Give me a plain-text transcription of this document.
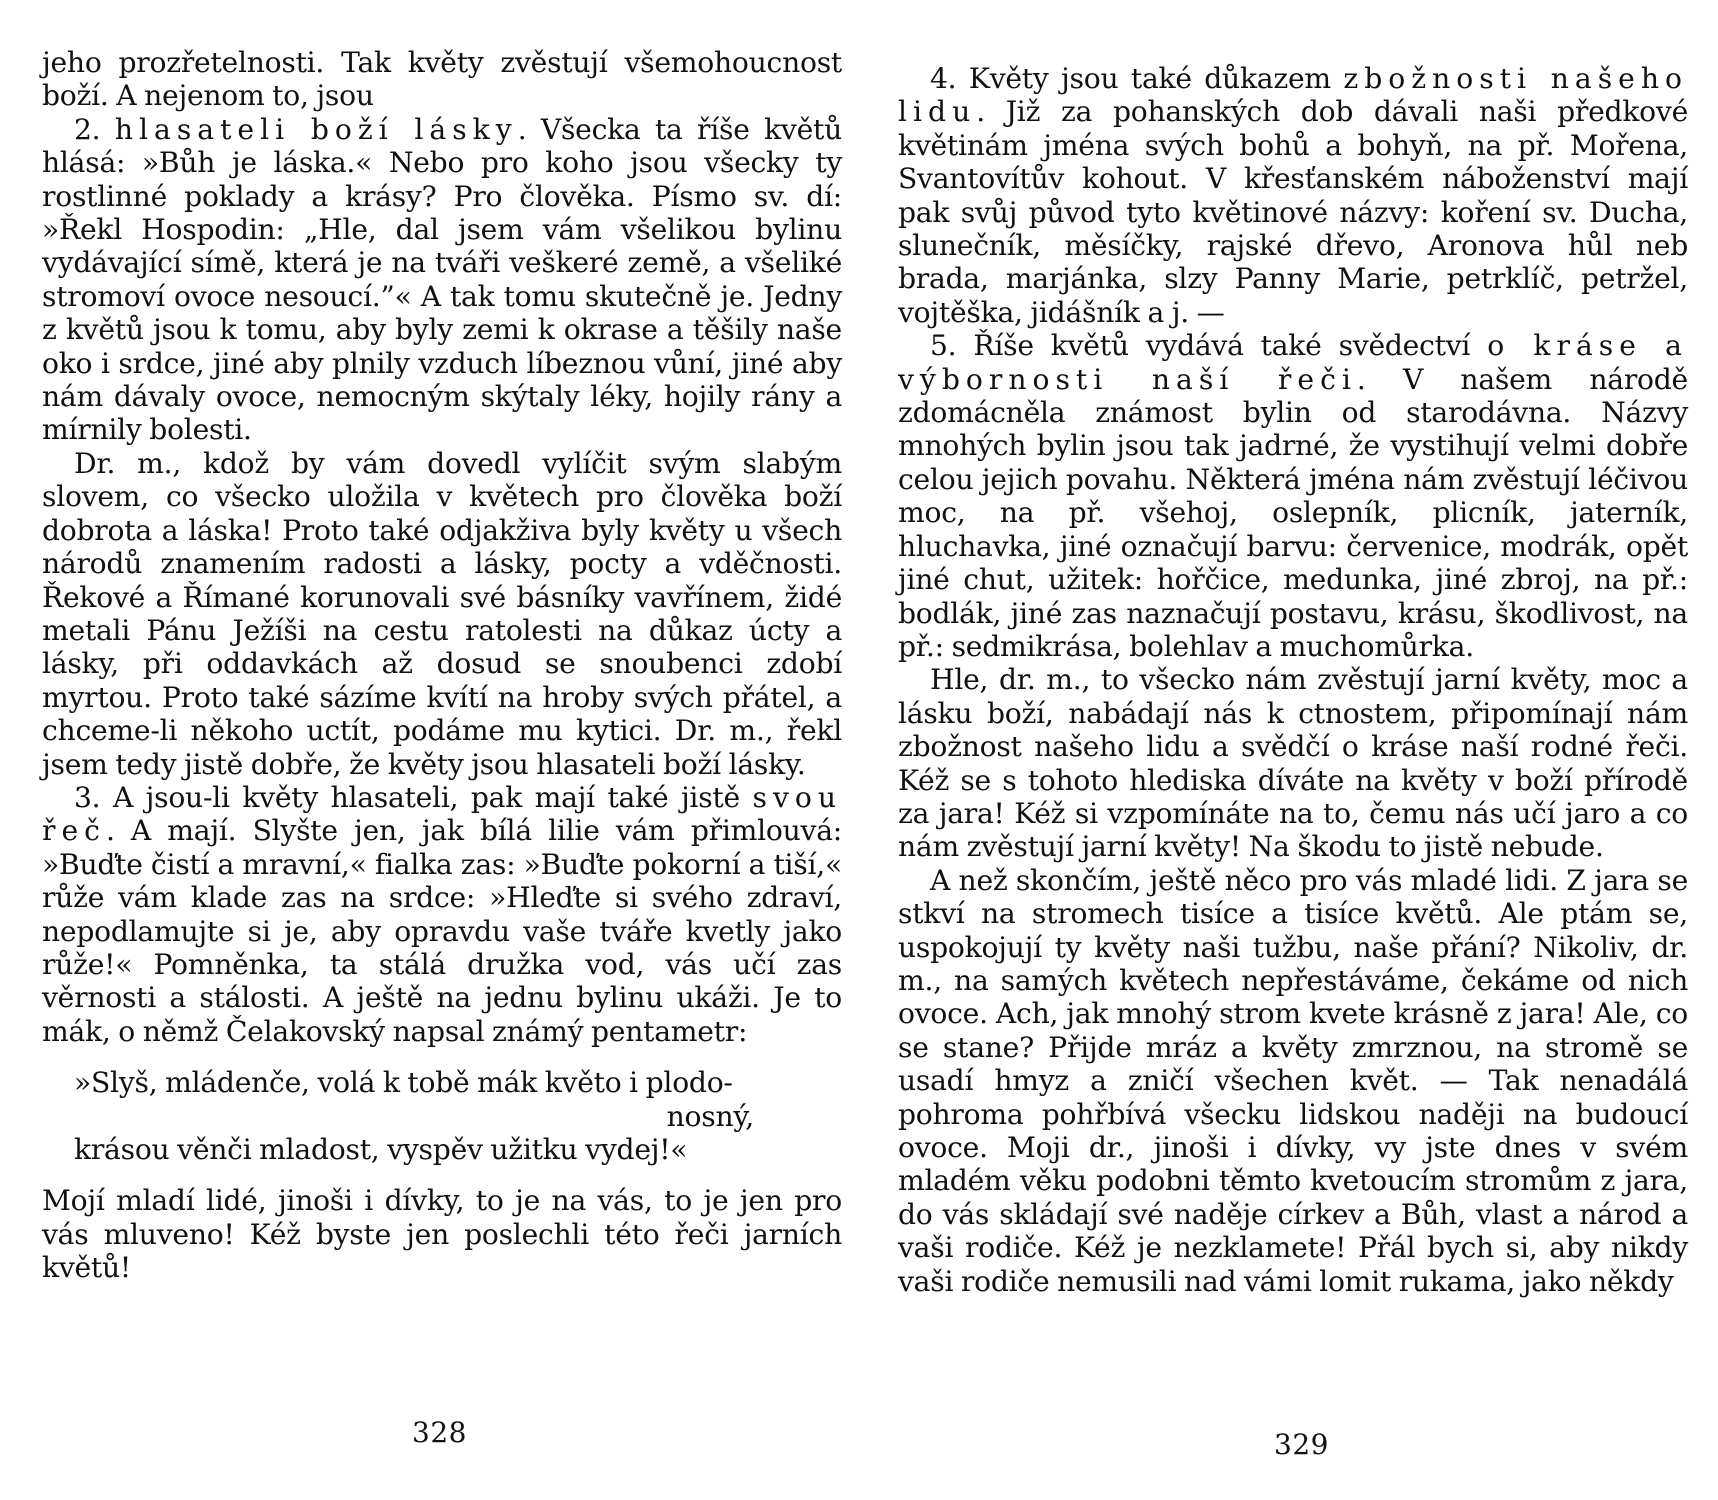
jeho prozřetelnosti. Tak květy zvěstují všemohoucnost boží. A nejenom to, jsou

2. hlasateli boží lásky. Všecka ta říše květů hlásá: »Bůh je láska.« Nebo pro koho jsou všecky ty rostlinné poklady a krásy? Pro člověka. Písmo sv. dí: »Řekl Hospodin: „Hle, dal jsem vám všelikou bylinu vydávající símě, která je na tváři veškeré země, a všeliké stromoví ovoce nesoucí.”« A tak tomu skutečně je. Jedny z květů jsou k tomu, aby byly zemi k okrase a těšily naše oko i srdce, jiné aby plnily vzduch líbeznou vůní, jiné aby nám dávaly ovoce, nemocným skýtaly léky, hojily rány a mírnily bolesti.

Dr. m., kdož by vám dovedl vylíčit svým slabým slovem, co všecko uložila v květech pro člověka boží dobrota a láska! Proto také odjakživa byly květy u všech národů znamením radosti a lásky, pocty a vděčnosti. Řekové a Římané korunovali své básníky vavřínem, židé metali Pánu Ježíši na cestu ratolesti na důkaz úcty a lásky, při oddavkách až dosud se snoubenci zdobí myrtou. Proto také sázíme kvítí na hroby svých přátel, a chceme-li někoho uctít, podáme mu kytici. Dr. m., řekl jsem tedy jistě dobře, že květy jsou hlasateli boží lásky.

3. A jsou-li květy hlasateli, pak mají také jistě svou řeč. A mají. Slyšte jen, jak bílá lilie vám přimlouvá: »Buďte čistí a mravní,« fialka zas: »Buďte pokorní a tiší,« růže vám klade zas na srdce: »Hleďte si svého zdraví, nepodlamujte si je, aby opravdu vaše tváře kvetly jako růže!« Pomněnka, ta stálá družka vod, vás učí zas věrnosti a stálosti. A ještě na jednu bylinu ukáži. Je to mák, o němž Čelakovský napsal známý pentametr:

»Slyš, mládenče, volá k tobě mák květo i plodo-
nosný,
krásou věnči mladost, vyspěv užitku vydej!«

Mojí mladí lidé, jinoši i dívky, to je na vás, to je jen pro vás mluveno! Kéž byste jen poslechli této řeči jarních květů!

328

4. Květy jsou také důkazem zbožnosti našeho lidu. Již za pohanských dob dávali naši předkové květinám jména svých bohů a bohyň, na př. Mořena, Svantovítův kohout. V křesťanském náboženství mají pak svůj původ tyto květinové názvy: koření sv. Ducha, slunečník, měsíčky, rajské dřevo, Aronova hůl neb brada, marjánka, slzy Panny Marie, petrklíč, petržel, vojtěška, jidášník a j. —

5. Říše květů vydává také svědectví o krásе a výbornosti naší řeči. V našem národě zdomácněla známost bylin od starodávna. Názvy mnohých bylin jsou tak jadrné, že vystihují velmi dobře celou jejich povahu. Některá jména nám zvěstují léčivou moc, na př. všehoj, oslepník, plicník, jaterník, hluchavka, jiné označují barvu: červenice, modrák, opět jiné chut, užitek: hořčice, medunka, jiné zbroj, na př.: bodlák, jiné zas naznačují postavu, krásu, škodlivost, na př.: sedmikrása, bolehlav a muchomůrka.

Hle, dr. m., to všecko nám zvěstují jarní květy, moc a lásku boží, nabádají nás k ctnostem, připomínají nám zbožnost našeho lidu a svědčí o kráse naší rodné řeči. Kéž se s tohoto hlediska díváte na květy v boží přírodě za jara! Kéž si vzpomínáte na to, čemu nás učí jaro a co nám zvěstují jarní květy! Na škodu to jistě nebude.

A než skončím, ještě něco pro vás mladé lidi. Z jara se stkví na stromech tisíce a tisíce květů. Ale ptám se, uspokojují ty květy naši tužbu, naše přání? Nikoliv, dr. m., na samých květech nepřestáváme, čekáme od nich ovoce. Ach, jak mnohý strom kvete krásně z jara! Ale, co se stane? Přijde mráz a květy zmrznou, na stromě se usadí hmyz a zničí všechen květ. — Tak nenadálá pohroma pohřbívá všecku lidskou naději na budoucí ovoce. Moji dr., jinoši i dívky, vy jste dnes v svém mladém věku podobni těmto kvetoucím stromům z jara, do vás skládají své naděje církev a Bůh, vlast a národ a vaši rodiče. Kéž je nezklamete! Přál bych si, aby nikdy vaši rodiče nemusili nad vámi lomit rukama, jako někdy

329
